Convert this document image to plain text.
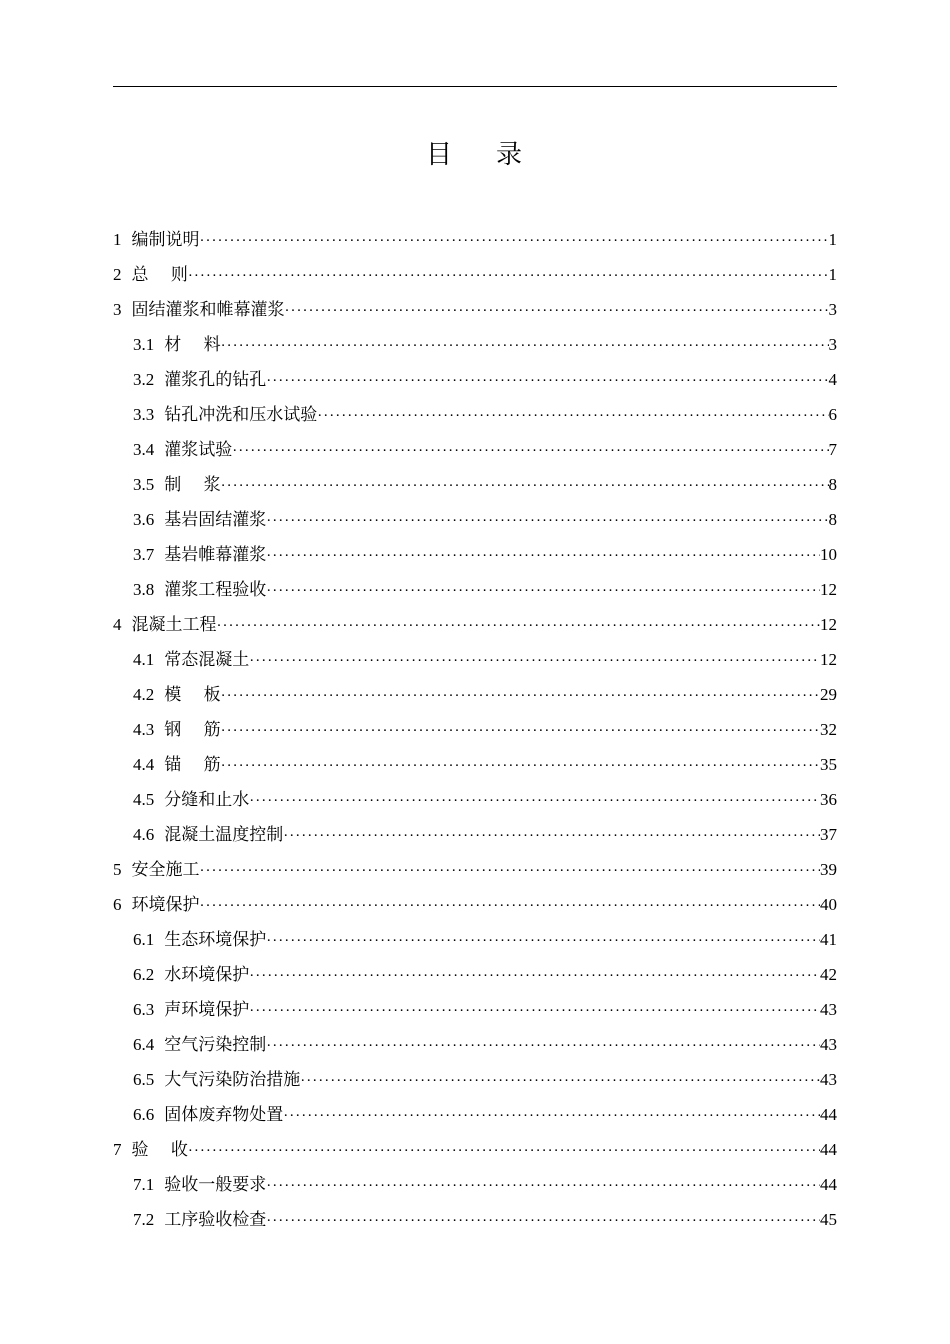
目 录
1 编制说明 ·····	1
2 总　 则 ·····	1
3 固结灌浆和帷幕灌浆 ·····	3
3.1 材　 料 ·····	3
3.2 灌浆孔的钻孔 ·····	4
3.3 钻孔冲洗和压水试验 ·····	6
3.4 灌浆试验 ·····	7
3.5 制　 浆 ·····	8
3.6 基岩固结灌浆 ·····	8
3.7 基岩帷幕灌浆 ·····	10
3.8 灌浆工程验收 ·····	12
4 混凝土工程 ·····	12
4.1 常态混凝土 ·····	12
4.2 模　 板 ·····	29
4.3 钢　 筋 ·····	32
4.4 锚　 筋 ·····	35
4.5 分缝和止水 ·····	36
4.6 混凝土温度控制 ·····	37
5 安全施工 ·····	39
6 环境保护 ·····	40
6.1 生态环境保护 ·····	41
6.2 水环境保护 ·····	42
6.3 声环境保护 ·····	43
6.4 空气污染控制 ·····	43
6.5 大气污染防治措施 ·····	43
6.6 固体废弃物处置 ·····	44
7 验　 收 ·····	44
7.1 验收一般要求 ·····	44
7.2 工序验收检查 ·····	45
